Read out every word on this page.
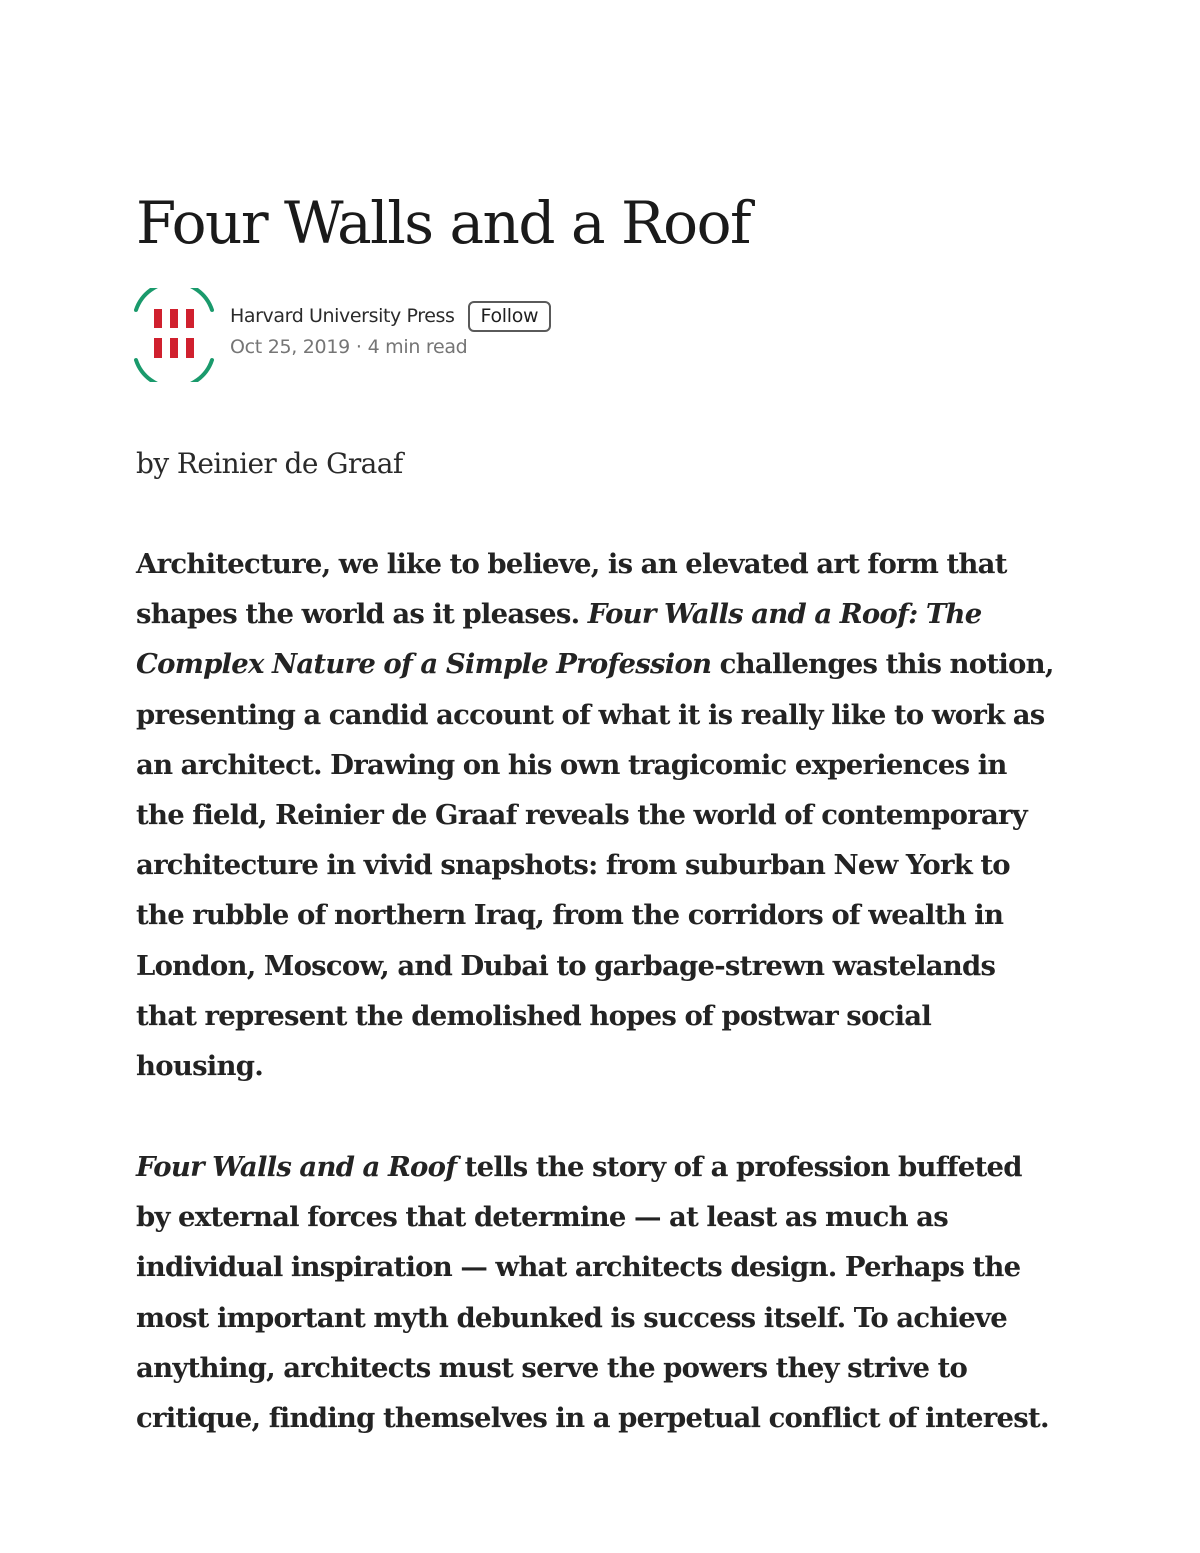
Four Walls and a Roof
Harvard University Press	Follow
Oct 25, 2019 · 4 min read

by Reinier de Graaf

Architecture, we like to believe, is an elevated art form that
shapes the world as it pleases. Four Walls and a Roof: The
Complex Nature of a Simple Profession challenges this notion,
presenting a candid account of what it is really like to work as
an architect. Drawing on his own tragicomic experiences in
the field, Reinier de Graaf reveals the world of contemporary
architecture in vivid snapshots: from suburban New York to
the rubble of northern Iraq, from the corridors of wealth in
London, Moscow, and Dubai to garbage-strewn wastelands
that represent the demolished hopes of postwar social
housing.

Four Walls and a Roof tells the story of a profession buffeted
by external forces that determine — at least as much as
individual inspiration — what architects design. Perhaps the
most important myth debunked is success itself. To achieve
anything, architects must serve the powers they strive to
critique, finding themselves in a perpetual conflict of interest.
